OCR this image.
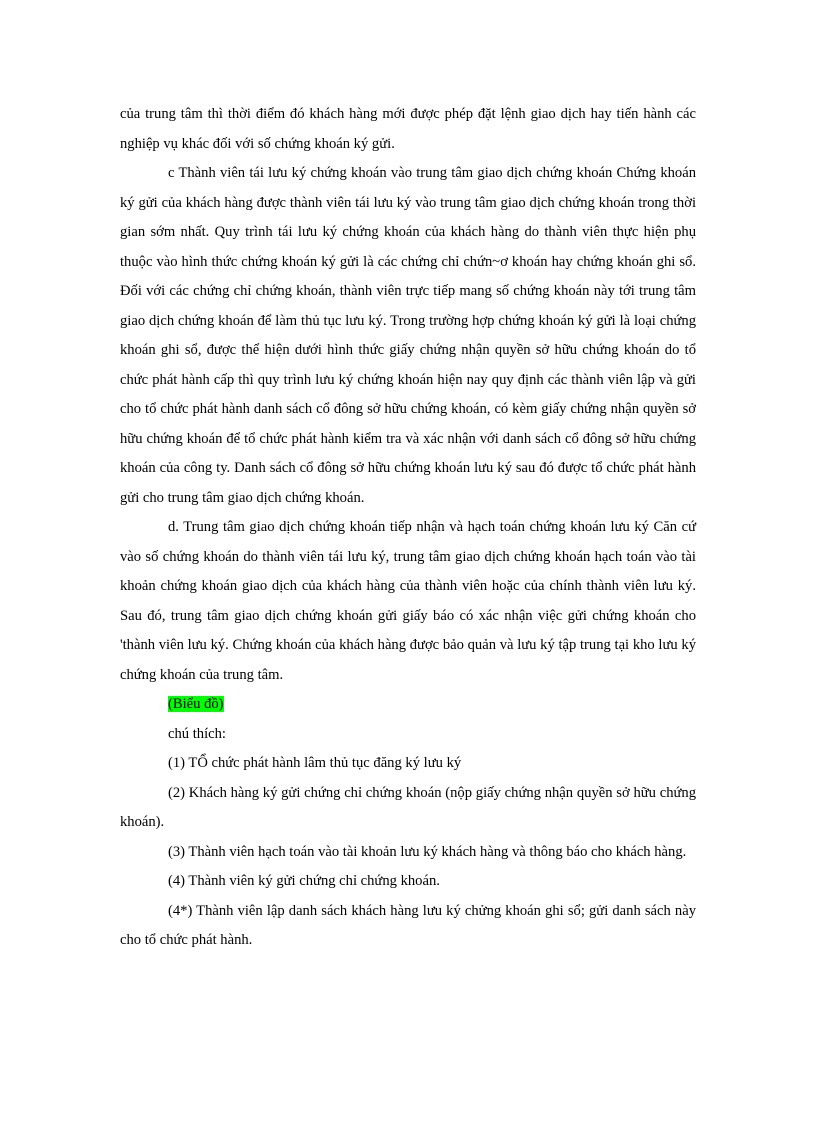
của trung tâm thì thời điểm đó khách hàng mới được phép đặt lệnh giao dịch hay tiến hành các nghiệp vụ khác đối với số chứng khoán ký gửi.

c Thành viên tái lưu ký chứng khoán vào trung tâm giao dịch chứng khoán Chứng khoán ký gửi của khách hàng được thành viên tái lưu ký vào trung tâm giao dịch chứng khoán trong thời gian sớm nhất. Quy trình tái lưu ký chứng khoán của khách hàng do thành viên thực hiện phụ thuộc vào hình thức chứng khoán ký gửi là các chứng chỉ chứn~ơ khoán hay chứng khoán ghi sổ. Đối với các chứng chỉ chứng khoán, thành viên trực tiếp mang số chứng khoán này tới trung tâm giao dịch chứng khoán để làm thủ tục lưu ký. Trong trường hợp chứng khoán ký gửi là loại chứng khoán ghi sổ, được thể hiện dưới hình thức giấy chứng nhận quyền sở hữu chứng khoán do tổ chức phát hành cấp thì quy trình lưu ký chứng khoán hiện nay quy định các thành viên lập và gửi cho tổ chức phát hành danh sách cổ đông sở hữu chứng khoán, có kèm giấy chứng nhận quyền sở hữu chứng khoán để tổ chức phát hành kiểm tra và xác nhận với danh sách cổ đông sở hữu chứng khoán của công ty. Danh sách cổ đông sở hữu chứng khoán lưu ký sau đó được tổ chức phát hành gửi cho trung tâm giao dịch chứng khoán.

d. Trung tâm giao dịch chứng khoán tiếp nhận và hạch toán chứng khoán lưu ký Căn cứ vào số chứng khoán do thành viên tái lưu ký, trung tâm giao dịch chứng khoán hạch toán vào tài khoản chứng khoán giao dịch của khách hàng của thành viên hoặc của chính thành viên lưu ký. Sau đó, trung tâm giao dịch chứng khoán gửi giấy báo có xác nhận việc gửi chứng khoán cho 'thành viên lưu ký. Chứng khoán của khách hàng được bảo quản và lưu ký tập trung tại kho lưu ký chứng khoán của trung tâm.

(Biểu đồ)

chú thích:

(1) TỔ chức phát hành lâm thủ tục đăng ký lưu ký

(2) Khách hàng ký gửi chứng chỉ chứng khoán (nộp giấy chứng nhận quyền sở hữu chứng khoán).

(3) Thành viên hạch toán vào tài khoản lưu ký khách hàng và thông báo cho khách hàng.

(4) Thành viên ký gửi chứng chỉ chứng khoán.

(4*) Thành viên lập danh sách khách hàng lưu ký chửng khoán ghi sổ; gửi danh sách này cho tổ chức phát hành.
